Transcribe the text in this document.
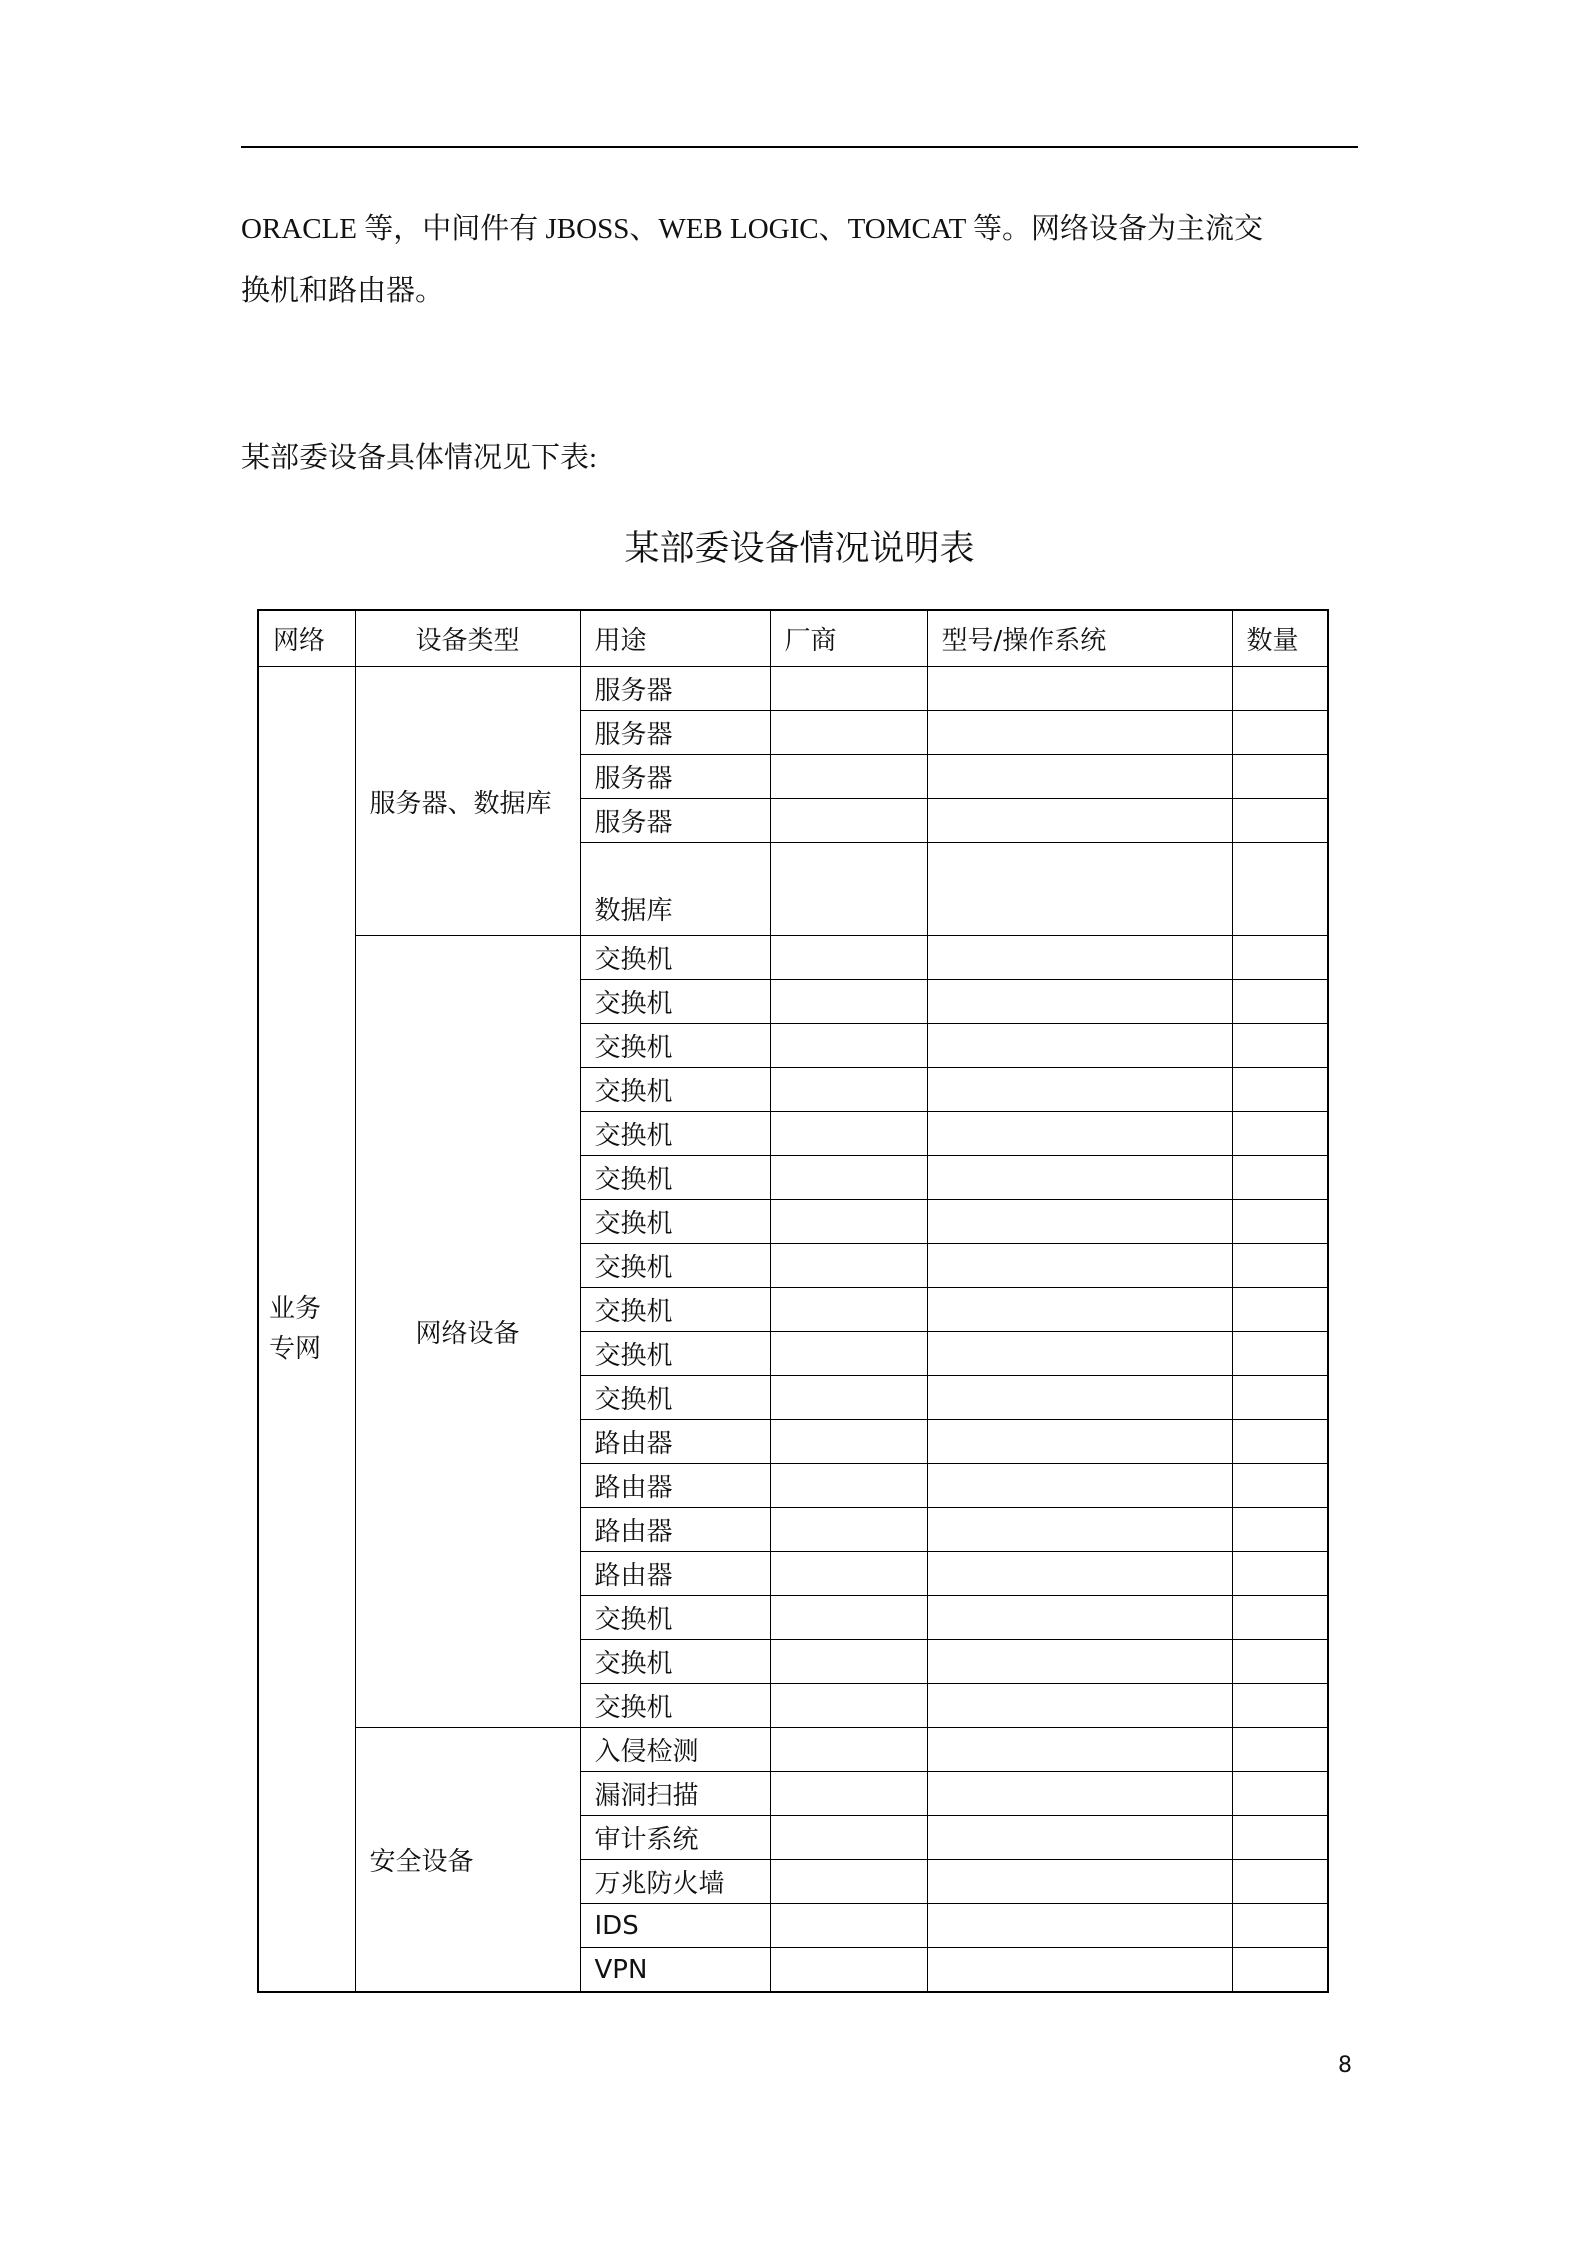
ORACLE 等，中间件有 JBOSS、WEB LOGIC、TOMCAT 等。网络设备为主流交
换机和路由器。
某部委设备具体情况见下表:
某部委设备情况说明表
网络	设备类型	用途	厂商	型号/操作系统	数量
业务专网	服务器、数据库	服务器			
		服务器			
		服务器			
		服务器			
		数据库			
	网络设备	交换机			
		交换机			
		交换机			
		交换机			
		交换机			
		交换机			
		交换机			
		交换机			
		交换机			
		交换机			
		交换机			
		路由器			
		路由器			
		路由器			
		路由器			
		交换机			
		交换机			
		交换机			
	安全设备	入侵检测			
		漏洞扫描			
		审计系统			
		万兆防火墙			
		IDS			
		VPN			
8
